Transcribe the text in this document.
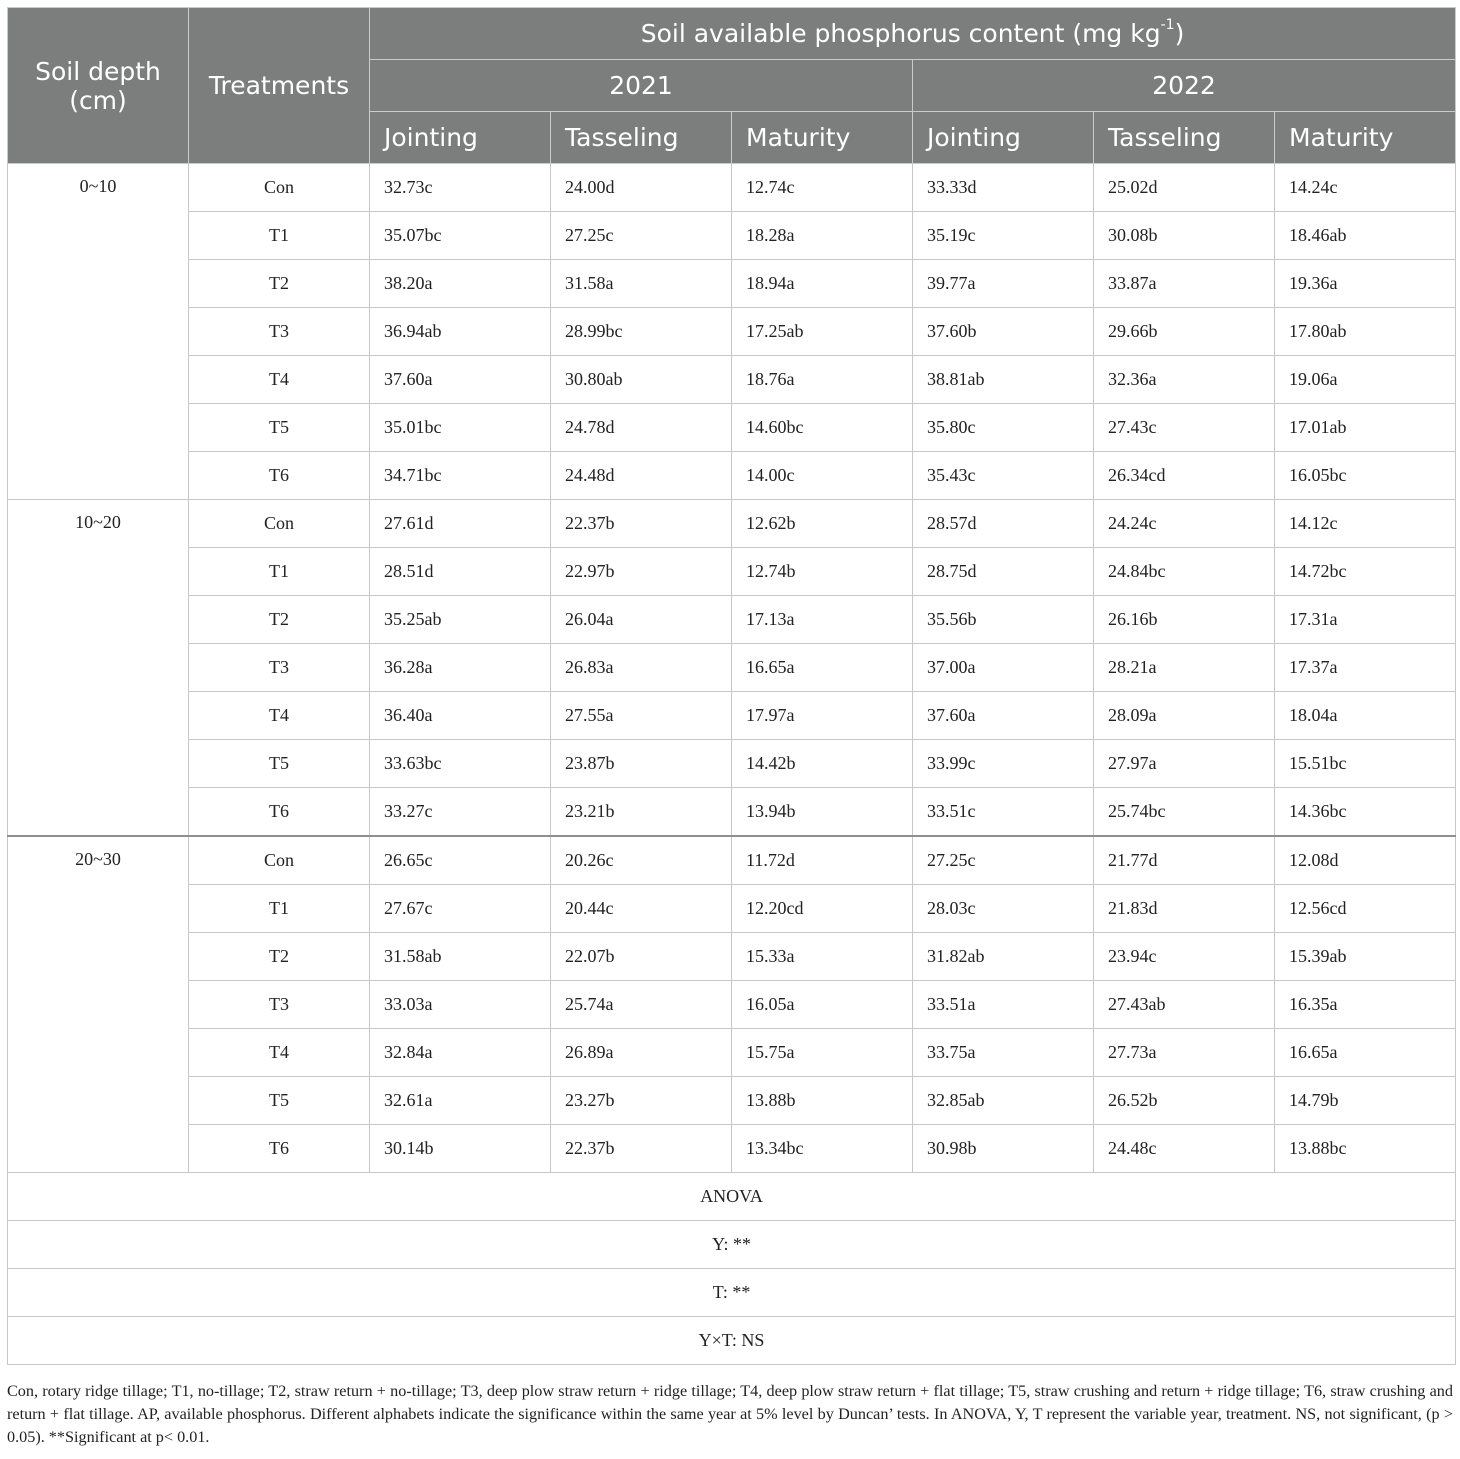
Soil depth (cm)	Treatments	Soil available phosphorus content (mg $kg^{-1}$)					
		2021			2022		
		Jointing	Tasseling	Maturity	Jointing	Tasseling	Maturity
0~10	Con	32.73c	24.00d	12.74c	33.33d	25.02d	14.24c
	T1	35.07bc	27.25c	18.28a	35.19c	30.08b	18.46ab
	T2	38.20a	31.58a	18.94a	39.77a	33.87a	19.36a
	T3	36.94ab	28.99bc	17.25ab	37.60b	29.66b	17.80ab
	T4	37.60a	30.80ab	18.76a	38.81ab	32.36a	19.06a
	T5	35.01bc	24.78d	14.60bc	35.80c	27.43c	17.01ab
	T6	34.71bc	24.48d	14.00c	35.43c	26.34cd	16.05bc
10~20	Con	27.61d	22.37b	12.62b	28.57d	24.24c	14.12c
	T1	28.51d	22.97b	12.74b	28.75d	24.84bc	14.72bc
	T2	35.25ab	26.04a	17.13a	35.56b	26.16b	17.31a
	T3	36.28a	26.83a	16.65a	37.00a	28.21a	17.37a
	T4	36.40a	27.55a	17.97a	37.60a	28.09a	18.04a
	T5	33.63bc	23.87b	14.42b	33.99c	27.97a	15.51bc
	T6	33.27c	23.21b	13.94b	33.51c	25.74bc	14.36bc
20~30	Con	26.65c	20.26c	11.72d	27.25c	21.77d	12.08d
	T1	27.67c	20.44c	12.20cd	28.03c	21.83d	12.56cd
	T2	31.58ab	22.07b	15.33a	31.82ab	23.94c	15.39ab
	T3	33.03a	25.74a	16.05a	33.51a	27.43ab	16.35a
	T4	32.84a	26.89a	15.75a	33.75a	27.73a	16.65a
	T5	32.61a	23.27b	13.88b	32.85ab	26.52b	14.79b
	T6	30.14b	22.37b	13.34bc	30.98b	24.48c	13.88bc
ANOVA							
Y: **							
T: **							
Y×T: NS							
Con, rotary ridge tillage; T1, no-tillage; T2, straw return + no-tillage; T3, deep plow straw return + ridge tillage; T4, deep plow straw return + flat tillage; T5, straw crushing and return + ridge tillage; T6, straw crushing and return + flat tillage. AP, available phosphorus. Different alphabets indicate the significance within the same year at 5% level by Duncan’ tests. In ANOVA, Y, T represent the variable year, treatment. NS, not significant, (p > 0.05). **Significant at p< 0.01.
